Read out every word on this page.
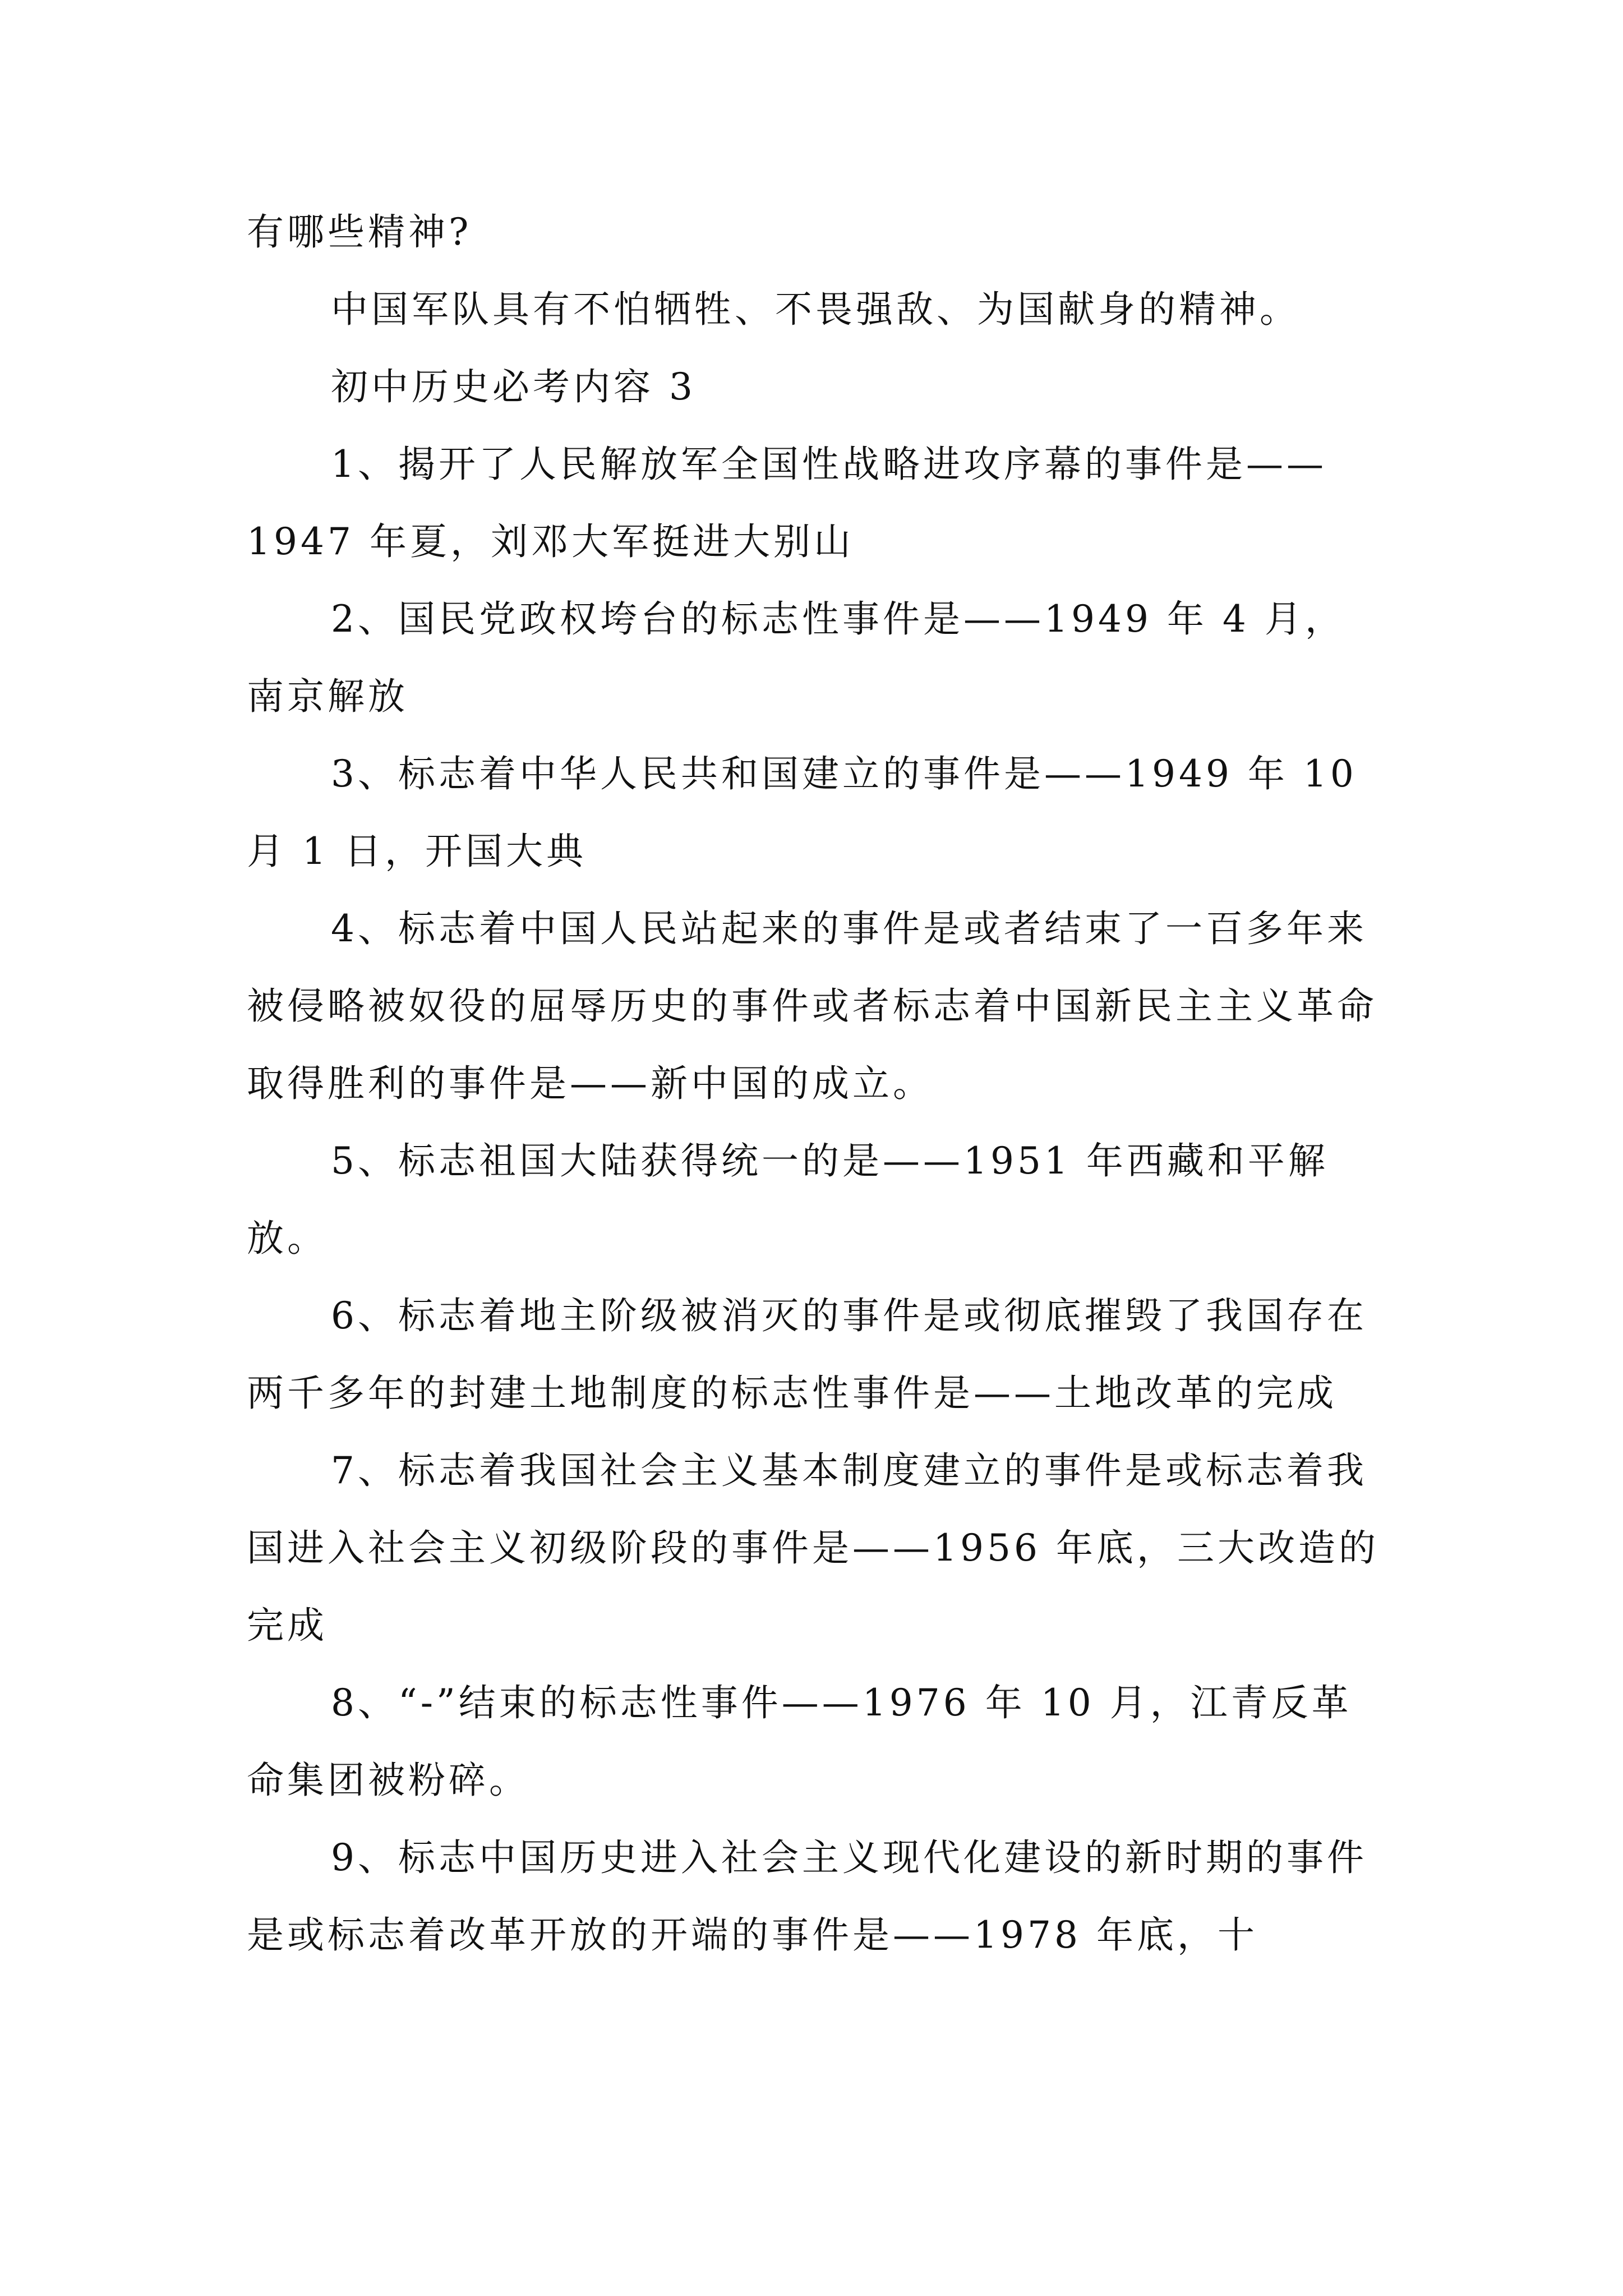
有哪些精神?

中国军队具有不怕牺牲、不畏强敌、为国献身的精神。

初中历史必考内容 3

1、揭开了人民解放军全国性战略进攻序幕的事件是——1947 年夏，刘邓大军挺进大别山

2、国民党政权垮台的标志性事件是——1949 年 4 月，南京解放

3、标志着中华人民共和国建立的事件是——1949 年 10 月 1 日，开国大典

4、标志着中国人民站起来的事件是或者结束了一百多年来被侵略被奴役的屈辱历史的事件或者标志着中国新民主主义革命取得胜利的事件是——新中国的成立。

5、标志祖国大陆获得统一的是——1951 年西藏和平解放。

6、标志着地主阶级被消灭的事件是或彻底摧毁了我国存在两千多年的封建土地制度的标志性事件是——土地改革的完成

7、标志着我国社会主义基本制度建立的事件是或标志着我国进入社会主义初级阶段的事件是——1956 年底，三大改造的完成

8、“-”结束的标志性事件——1976 年 10 月，江青反革命集团被粉碎。

9、标志中国历史进入社会主义现代化建设的新时期的事件是或标志着改革开放的开端的事件是——1978 年底，十
